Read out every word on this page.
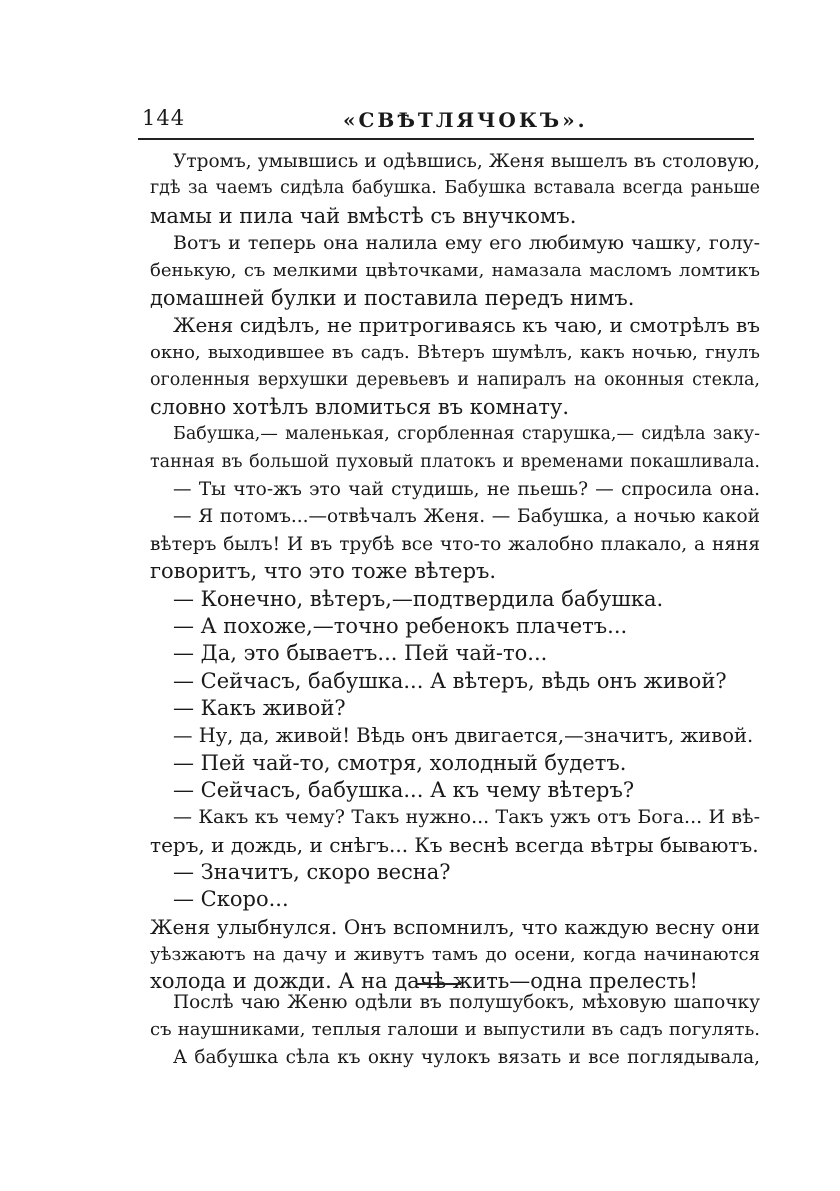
144	«СВѢТЛЯЧОКЪ».
Утромъ, умывшись и одѣвшись, Женя вышелъ въ столовую,
гдѣ за чаемъ сидѣла бабушка. Бабушка вставала всегда раньше
мамы и пила чай вмѣстѣ съ внучкомъ.
Вотъ и теперь она налила ему его любимую чашку, голу-
бенькую, съ мелкими цвѣточками, намазала масломъ ломтикъ
домашней булки и поставила передъ нимъ.
Женя сидѣлъ, не притрогиваясь къ чаю, и смотрѣлъ въ
окно, выходившее въ садъ. Вѣтеръ шумѣлъ, какъ ночью, гнулъ
оголенныя верхушки деревьевъ и напиралъ на оконныя стекла,
словно хотѣлъ вломиться въ комнату.
Бабушка,— маленькая, сгорбленная старушка,— сидѣла заку-
танная въ большой пуховый платокъ и временами покашливала.
— Ты что-жъ это чай студишь, не пьешь? — спросила она.
— Я потомъ...—отвѣчалъ Женя. — Бабушка, а ночью какой
вѣтеръ былъ! И въ трубѣ все что-то жалобно плакало, а няня
говоритъ, что это тоже вѣтеръ.
— Конечно, вѣтеръ,—подтвердила бабушка.
— А похоже,—точно ребенокъ плачетъ...
— Да, это бываетъ... Пей чай-то...
— Сейчасъ, бабушка... А вѣтеръ, вѣдь онъ живой?
— Какъ живой?
— Ну, да, живой! Вѣдь онъ двигается,—значитъ, живой.
— Пей чай-то, смотря, холодный будетъ.
— Сейчасъ, бабушка... А къ чему вѣтеръ?
— Какъ къ чему? Такъ нужно... Такъ ужъ отъ Бога... И вѣ-
теръ, и дождь, и снѣгъ... Къ веснѣ всегда вѣтры бываютъ.
— Значитъ, скоро весна?
— Скоро...
Женя улыбнулся. Онъ вспомнилъ, что каждую весну они
уѣзжаютъ на дачу и живутъ тамъ до осени, когда начинаются
холода и дожди. А на дачѣ жить—одна прелесть!
Послѣ чаю Женю одѣли въ полушубокъ, мѣховую шапочку
съ наушниками, теплыя галоши и выпустили въ садъ погулять.
А бабушка сѣла къ окну чулокъ вязать и все поглядывала,
